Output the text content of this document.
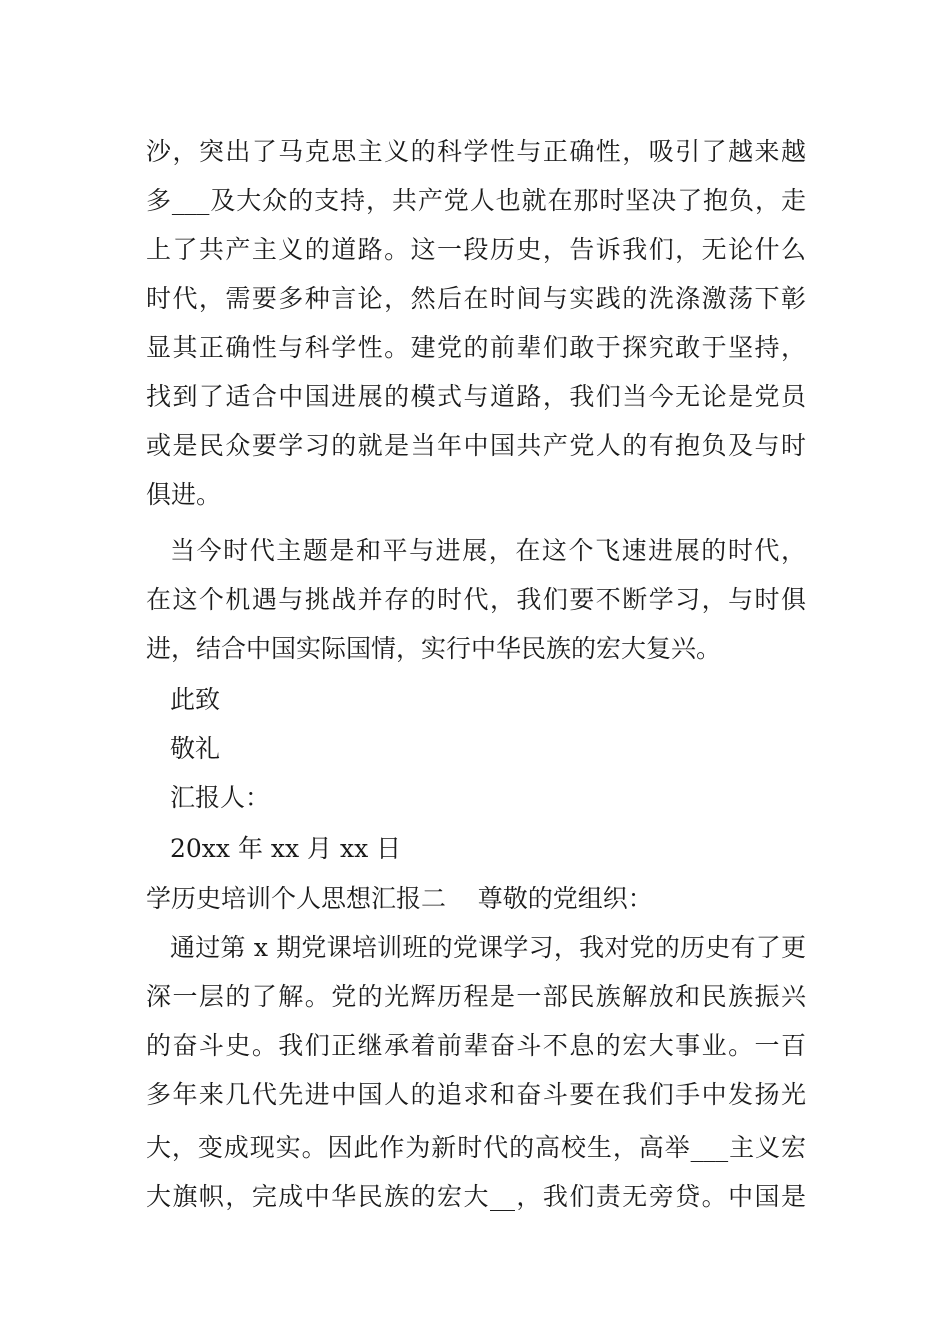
沙，突出了马克思主义的科学性与正确性，吸引了越来越
多___及大众的支持，共产党人也就在那时坚决了抱负，走
上了共产主义的道路。这一段历史，告诉我们，无论什么
时代，需要多种言论，然后在时间与实践的洗涤激荡下彰
显其正确性与科学性。建党的前辈们敢于探究敢于坚持，
找到了适合中国进展的模式与道路，我们当今无论是党员
或是民众要学习的就是当年中国共产党人的有抱负及与时
俱进。
当今时代主题是和平与进展，在这个飞速进展的时代，
在这个机遇与挑战并存的时代，我们要不断学习，与时俱
进，结合中国实际国情，实行中华民族的宏大复兴。
此致
敬礼
汇报人：
20xx 年 xx 月 xx 日
学历史培训个人思想汇报二    尊敬的党组织：
通过第 x 期党课培训班的党课学习，我对党的历史有了更
深一层的了解。党的光辉历程是一部民族解放和民族振兴
的奋斗史。我们正继承着前辈奋斗不息的宏大事业。一百
多年来几代先进中国人的追求和奋斗要在我们手中发扬光
大，变成现实。因此作为新时代的高校生，高举___主义宏
大旗帜，完成中华民族的宏大__，我们责无旁贷。中国是
